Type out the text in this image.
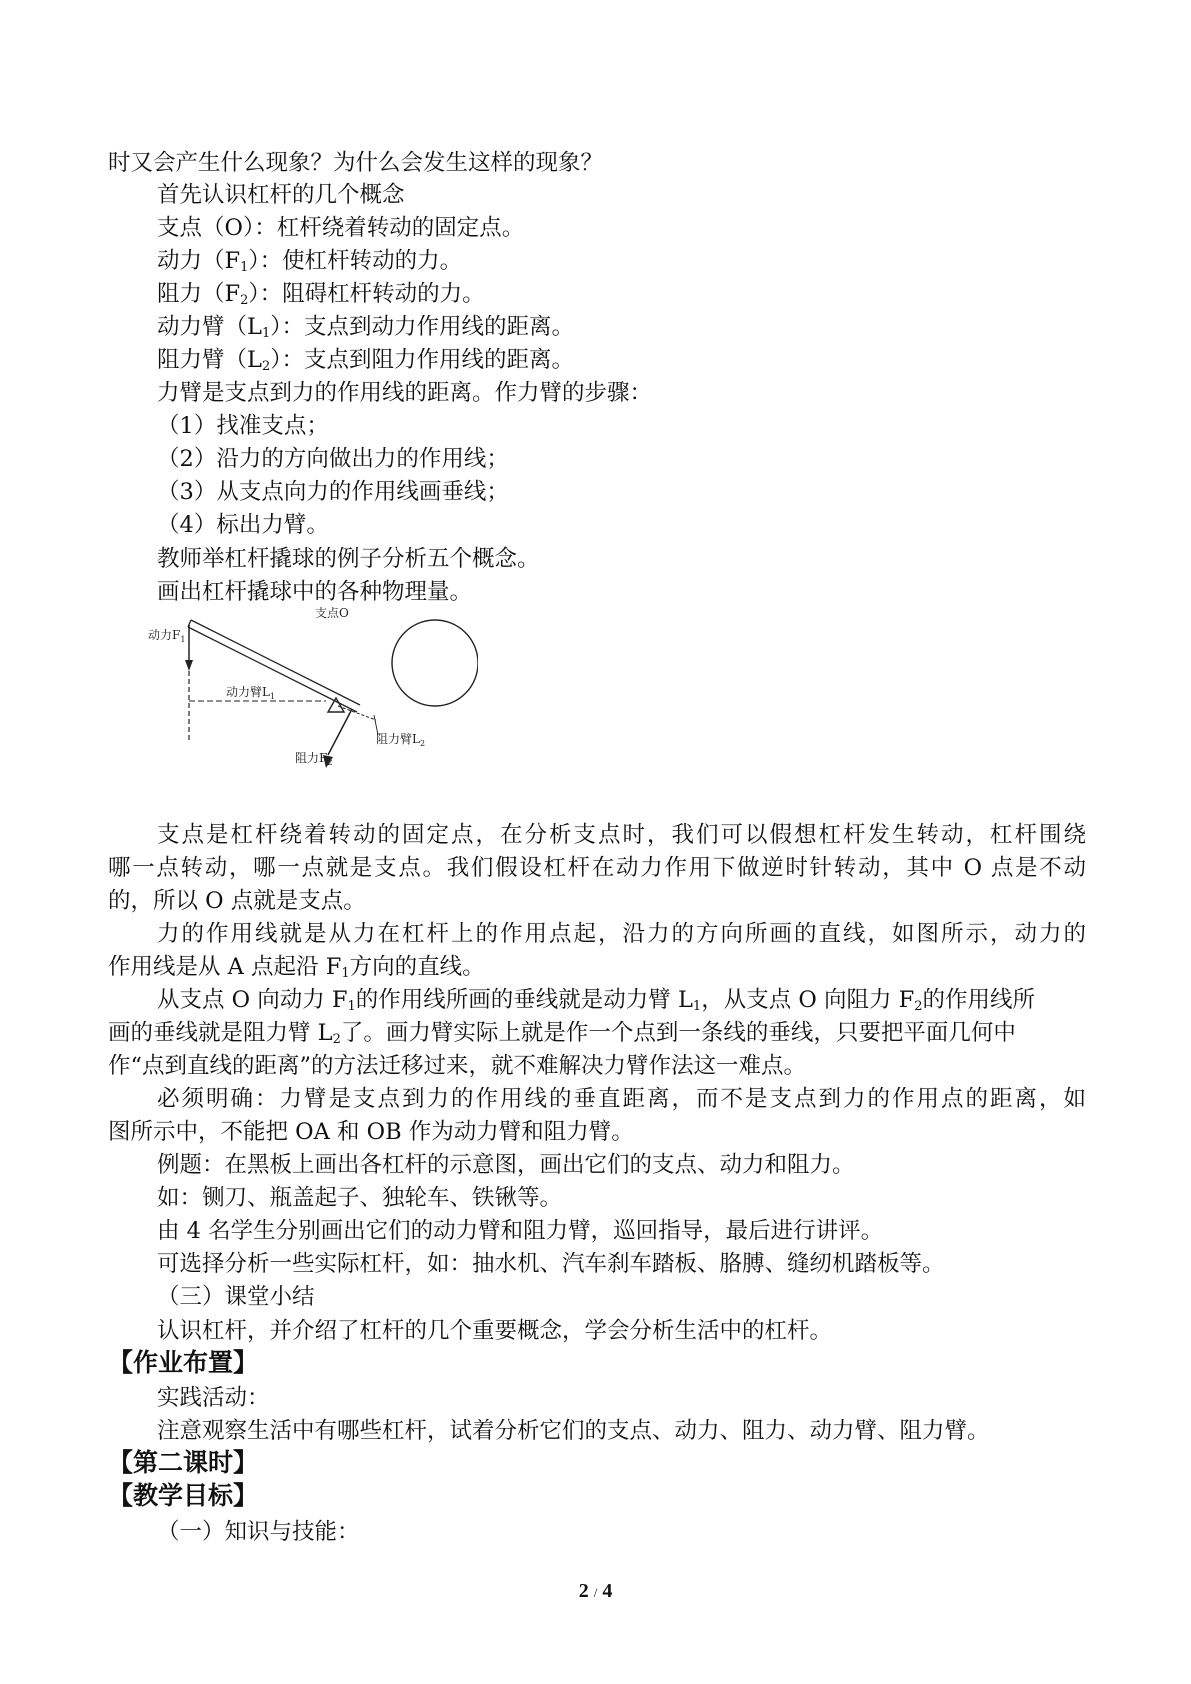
时又会产生什么现象？为什么会发生这样的现象？
首先认识杠杆的几个概念
支点（O）：杠杆绕着转动的固定点。
动力$(F_1)$：使杠杆转动的力。
阻力$(F_2)$：阻碍杠杆转动的力。
动力臂$(L_1)$：支点到动力作用线的距离。
阻力臂$(L_2)$：支点到阻力作用线的距离。
力臂是支点到力的作用线的距离。作力臂的步骤：
（1）找准支点；
（2）沿力的方向做出力的作用线；
（3）从支点向力的作用线画垂线；
（4）标出力臂。
教师举杠杆撬球的例子分析五个概念。
画出杠杆撬球中的各种物理量。
动力$F_1$
支点O
动力臂$L_1$
阻力臂$L_2$
阻力$F_2$
支点是杠杆绕着转动的固定点，在分析支点时，我们可以假想杠杆发生转动，杠杆围绕
哪一点转动，哪一点就是支点。我们假设杠杆在动力作用下做逆时针转动，其中 O 点是不动
的，所以 O 点就是支点。
力的作用线就是从力在杠杆上的作用点起，沿力的方向所画的直线，如图所示，动力的
作用线是从 A 点起沿 $F_1$方向的直线。
从支点 O 向动力 $F_1$的作用线所画的垂线就是动力臂 $L_1$，从支点 O 向阻力 $F_2$的作用线所
画的垂线就是阻力臂 $L_2$了。画力臂实际上就是作一个点到一条线的垂线，只要把平面几何中
作“点到直线的距离”的方法迁移过来，就不难解决力臂作法这一难点。
必须明确：力臂是支点到力的作用线的垂直距离，而不是支点到力的作用点的距离，如
图所示中，不能把 OA 和 OB 作为动力臂和阻力臂。
例题：在黑板上画出各杠杆的示意图，画出它们的支点、动力和阻力。
如：铡刀、瓶盖起子、独轮车、铁锹等。
由 4 名学生分别画出它们的动力臂和阻力臂，巡回指导，最后进行讲评。
可选择分析一些实际杠杆，如：抽水机、汽车刹车踏板、胳膊、缝纫机踏板等。
（三）课堂小结
认识杠杆，并介绍了杠杆的几个重要概念，学会分析生活中的杠杆。
【作业布置】
实践活动：
注意观察生活中有哪些杠杆，试着分析它们的支点、动力、阻力、动力臂、阻力臂。
【第二课时】
【教学目标】
（一）知识与技能：
2 / 4
